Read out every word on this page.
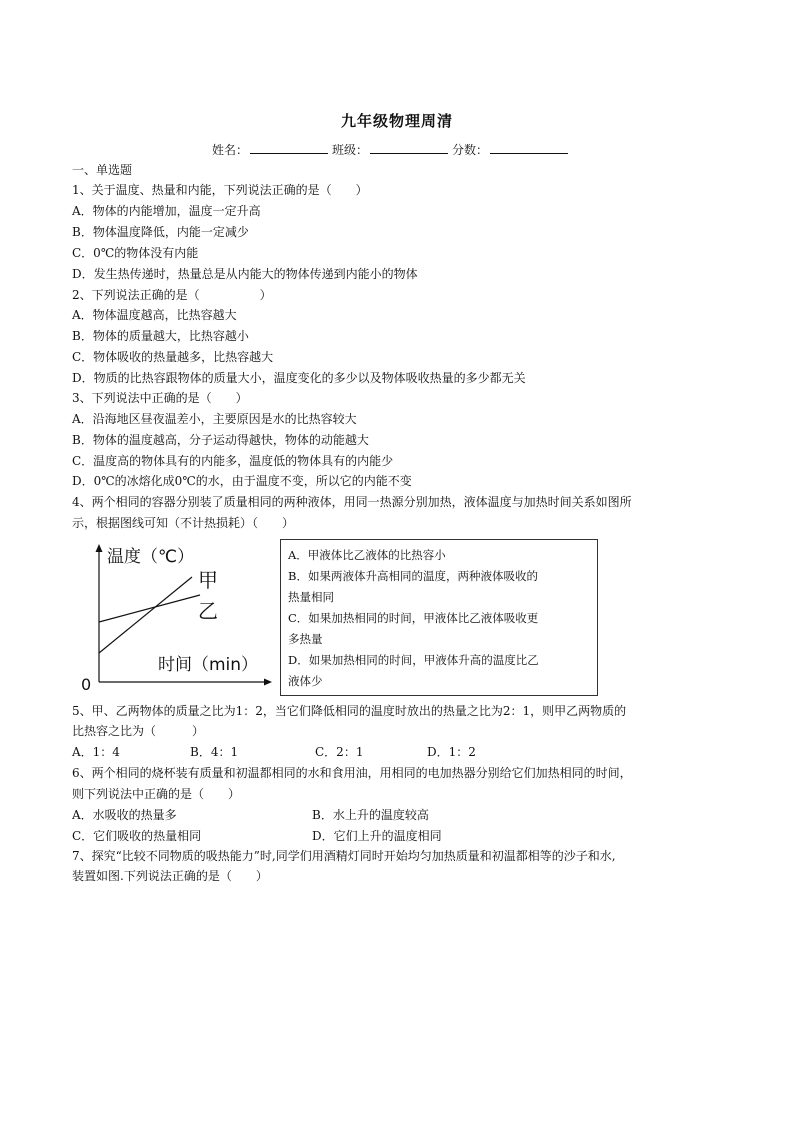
九年级物理周清
姓名：	班级：	分数：
一、单选题
1、关于温度、热量和内能，下列说法正确的是（　　）
A．物体的内能增加，温度一定升高
B．物体温度降低，内能一定减少
C．0℃的物体没有内能
D．发生热传递时，热量总是从内能大的物体传递到内能小的物体
2、下列说法正确的是（　　　　　）
A．物体温度越高，比热容越大
B．物体的质量越大，比热容越小
C．物体吸收的热量越多，比热容越大
D．物质的比热容跟物体的质量大小，温度变化的多少以及物体吸收热量的多少都无关
3、下列说法中正确的是（　　）
A．沿海地区昼夜温差小，主要原因是水的比热容较大
B．物体的温度越高，分子运动得越快，物体的动能越大
C．温度高的物体具有的内能多，温度低的物体具有的内能少
D．0℃的冰熔化成0℃的水，由于温度不变，所以它的内能不变
4、两个相同的容器分别装了质量相同的两种液体，用同一热源分别加热，液体温度与加热时间关系如图所
示，根据图线可知（不计热损耗）（　　）
温度（℃）
甲
乙
时间（min）
0
A．甲液体比乙液体的比热容小
B．如果两液体升高相同的温度，两种液体吸收的
热量相同
C．如果加热相同的时间，甲液体比乙液体吸收更
多热量
D．如果加热相同的时间，甲液体升高的温度比乙
液体少
5、甲、乙两物体的质量之比为1：2，当它们降低相同的温度时放出的热量之比为2：1，则甲乙两物质的
比热容之比为（　　　）
A．1：4	B．4：1	C．2：1	D．1：2
6、两个相同的烧杯装有质量和初温都相同的水和食用油，用相同的电加热器分别给它们加热相同的时间，
则下列说法中正确的是（　　）
A．水吸收的热量多	B．水上升的温度较高
C．它们吸收的热量相同	D．它们上升的温度相同
7、探究“比较不同物质的吸热能力”时,同学们用酒精灯同时开始均匀加热质量和初温都相等的沙子和水,
装置如图.下列说法正确的是（　　）
